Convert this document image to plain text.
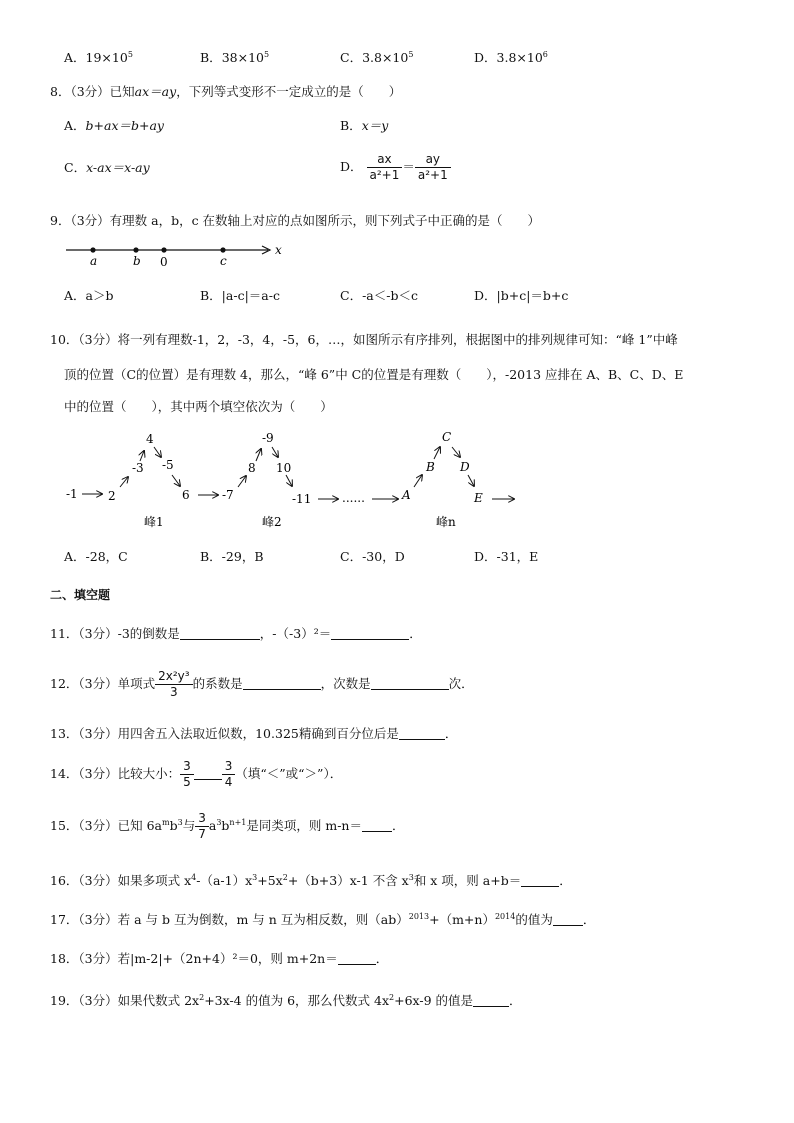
A．$19\times 10^5$	B．$38\times 10^5$	C．$3.8\times 10^5$	D．$3.8\times 10^6$
8．（3分）已知ax＝ay，下列等式变形不一定成立的是（　　）
A．b+ax＝b+ay	B．x＝y
C．x-ax＝x-ay	D． $\frac{ax}{\text{a²+1}} = \frac{ay}{\text{a²+1}}$
9．（3分）有理数 a，b，c 在数轴上对应的点如图所示，则下列式子中正确的是（　　）
a	b 0	c
x
A．a＞b	B．|a-c|＝a-c	C．-a＜-b＜c	D．|b+c|＝b+c
10．（3分）将一列有理数-1，2，-3，4，-5，6，…，如图所示有序排列，根据图中的排列规律可知：“峰 1”中峰
顶的位置（C的位置）是有理数 4，那么，“峰 6”中 C的位置是有理数（　　），-2013 应排在 A、B、C、D、E
中的位置（　　），其中两个填空依次为（　　）
-1	2
-3
4
-5
6	-7
8
-9
10
-11	......	A
B
C
D
E
峰1	峰2	峰n
A．-28，C	B．-29，B	C．-30，D	D．-31，E
二、填空题
11．（3分）-3的倒数是	，-（-3）²＝	．
12．（3分）单项式 $\frac{\text{2x²y³}}{3}$ 的系数是	，次数是	次．
13．（3分）用四舍五入法取近似数，10.325精确到百分位后是	．
14．（3分）比较大小： $\frac{3}{5} \frac{3}{4}$ （填“＜”或“＞”）．
15．（3分）已知 $6a^mb^3$与 $\frac{3}{7} a^3b^{n+1}$是同类项，则 m-n＝ ．
16．（3分）如果多项式 $x^4-(a-1)x^3+5x^2+(b+3)x-1$ 不含 $x^3$和 x 项，则 a+b＝	．
17．（3分）若 a 与 b 互为倒数，m 与 n 互为相反数，则$(ab)^{2013}+(m+n)^{2014}$的值为 ．
18．（3分）若|m-2|+（2n+4）²＝0，则 m+2n＝	．
19．（3分）如果代数式 $2x^2+3x-4$ 的值为 6，那么代数式 $4x^2+6x-9$ 的值是	．
